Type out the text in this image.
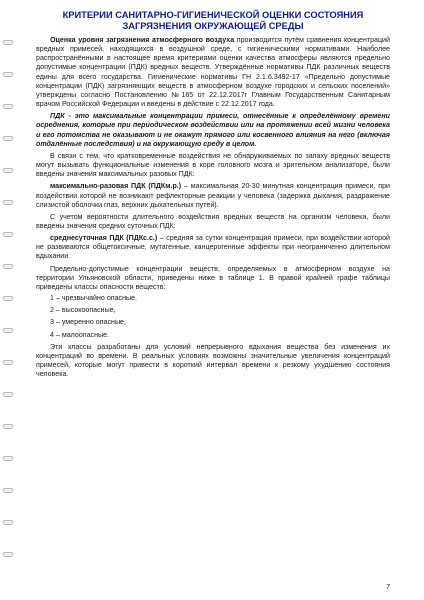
КРИТЕРИИ САНИТАРНО-ГИГИЕНИЧЕСКОЙ ОЦЕНКИ СОСТОЯНИЯ
ЗАГРЯЗНЕНИЯ ОКРУЖАЮЩЕЙ СРЕДЫ

Оценка уровня загрязнения атмосферного воздуха производится путём сравнения концентраций вредных примесей, находящихся в воздушной среде, с гигиеническими нормативами. Наиболее распространёнными в настоящее время критериями оценки качества атмосферы являются предельно допустимые концентрации (ПДК) вредных веществ. Утверждённые нормативы ПДК различных веществ едины для всего государства. Гигиенические нормативы ГН 2.1.6.3492-17 «Предельно допустимые концентрации (ПДК) загрязняющих веществ в атмосферном воздухе городских и сельских поселений» утверждены согласно Постановлению №165 от 22.12.2017г Главным Государственным Санитарным врачом Российской Федерации и введены в действие с 22.12.2017 года.

ПДК - это максимальные концентрации примеси, отнесённые к определённому времени осреднения, которые при периодическом воздействии или на протяжении всей жизни человека и его потомства не оказывают и не окажут прямого или косвенного влияния на него (включая отдалённые последствия) и на окружающую среду в целом.

В связи с тем, что кратковременные воздействия не обнаруживаемых по запаху вредных веществ могут вызывать функциональные изменения в коре головного мозга и зрительном анализаторе, были введены значения максимальных разовых ПДК:

максимально-разовая ПДК (ПДКм.р.) – максимальная 20-30 минутная концентрация примеси, при воздействии которой не возникают рефлекторные реакции у человека (задержка дыхания, раздражение слизистой оболочки глаз, верхних дыхательных путей).

С учетом вероятности длительного воздействия вредных веществ на организм человека, были введены значения средних суточных ПДК:

среднесуточная ПДК (ПДКс.с.) – средняя за сутки концентрация примеси, при воздействии которой не развиваются общетоксичные, мутагенные, канцерогенные эффекты при неограниченно длительном вдыхании.

Предельно-допустимые концентрации веществ, определяемых в атмосферном воздухе на территории Ульяновской области, приведены ниже в таблице 1. В правой крайней графе таблицы приведены классы опасности веществ:

1 – чрезвычайно опасные.

2 – высокоопасные,

3 – умеренно опасные,

4 – малоопасные.

Эти классы разработаны для условий непрерывного вдыхания вещества без изменения их концентраций во времени. В реальных условиях возможны значительные увеличения концентраций примесей, которые могут привести в короткий интервал времени к резкому ухудшению состояния человека.

7
